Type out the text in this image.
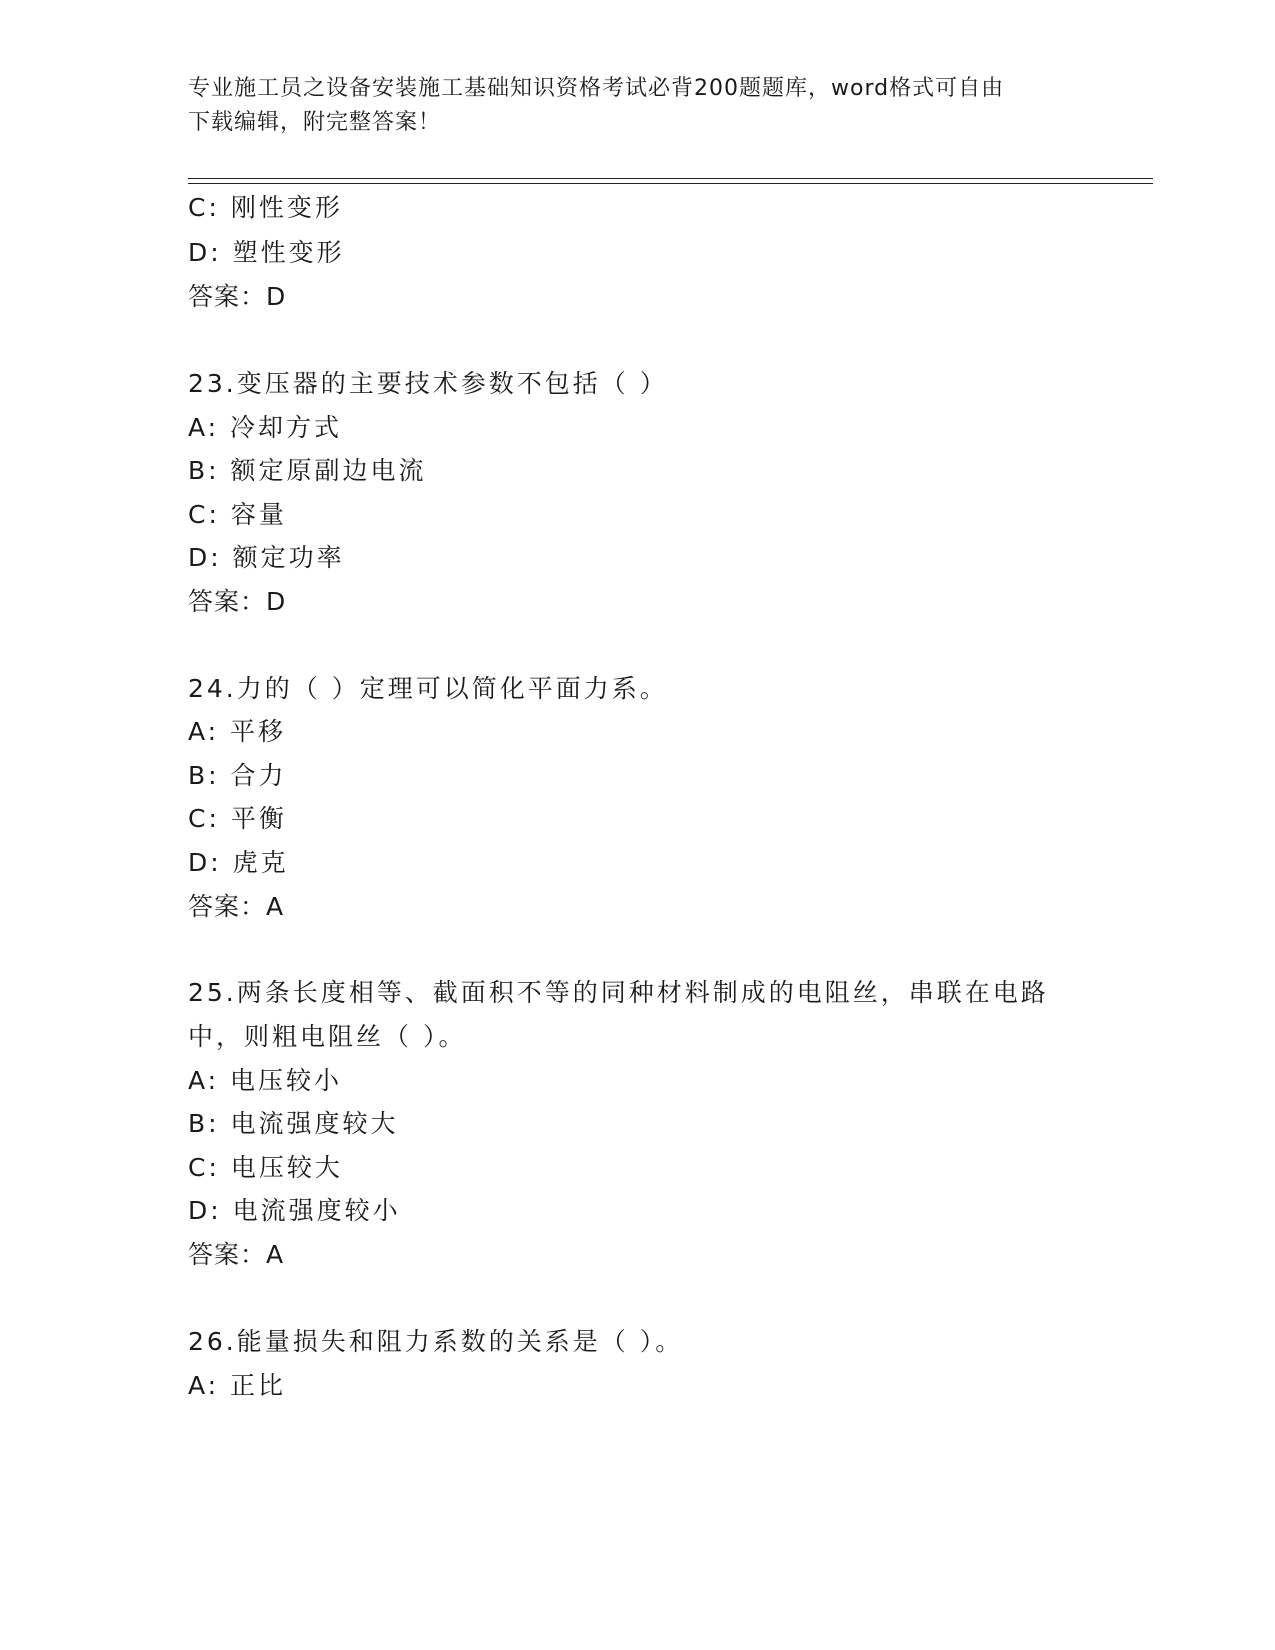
专业施工员之设备安装施工基础知识资格考试必背200题题库，word格式可自由
下载编辑，附完整答案！
C: 刚性变形
D: 塑性变形
答案：D
23.变压器的主要技术参数不包括（ ）
A: 冷却方式
B: 额定原副边电流
C: 容量
D: 额定功率
答案：D
24.力的（ ）定理可以简化平面力系。
A: 平移
B: 合力
C: 平衡
D: 虎克
答案：A
25.两条长度相等、截面积不等的同种材料制成的电阻丝，串联在电路
中，则粗电阻丝（ ）。
A: 电压较小
B: 电流强度较大
C: 电压较大
D: 电流强度较小
答案：A
26.能量损失和阻力系数的关系是（ ）。
A: 正比
